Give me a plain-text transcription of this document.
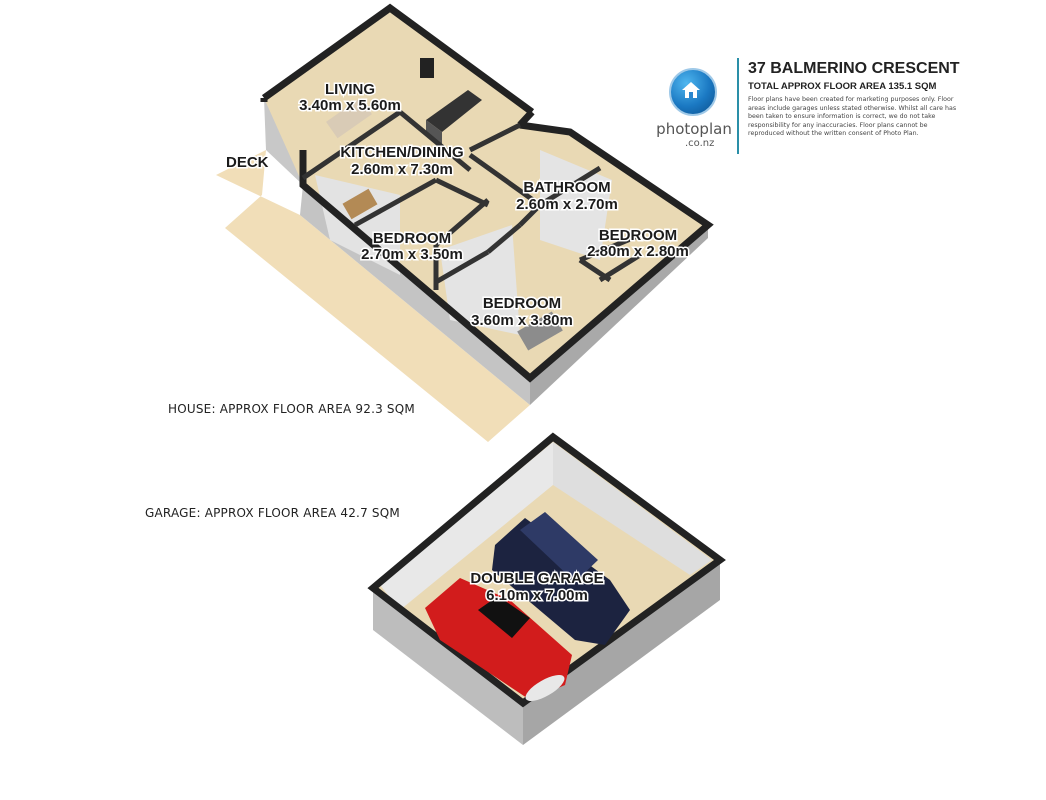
DECK
LIVING
3.40m x 5.60m
KITCHEN/DINING
2.60m x 7.30m
BATHROOM
2.60m x 2.70m
BEDROOM
2.80m x 2.80m
BEDROOM
2.70m x 3.50m
BEDROOM
3.60m x 3.80m
DOUBLE GARAGE
6.10m x 7.00m
HOUSE: APPROX FLOOR AREA 92.3 SQM
GARAGE: APPROX FLOOR AREA 42.7 SQM
photoplan
.co.nz
37 BALMERINO CRESCENT
TOTAL APPROX FLOOR AREA 135.1 SQM
Floor plans have been created for marketing purposes only. Floor areas include garages unless stated otherwise. Whilst all care has been taken to ensure information is correct, we do not take responsibility for any inaccuracies. Floor plans cannot be reproduced without the written consent of Photo Plan.
